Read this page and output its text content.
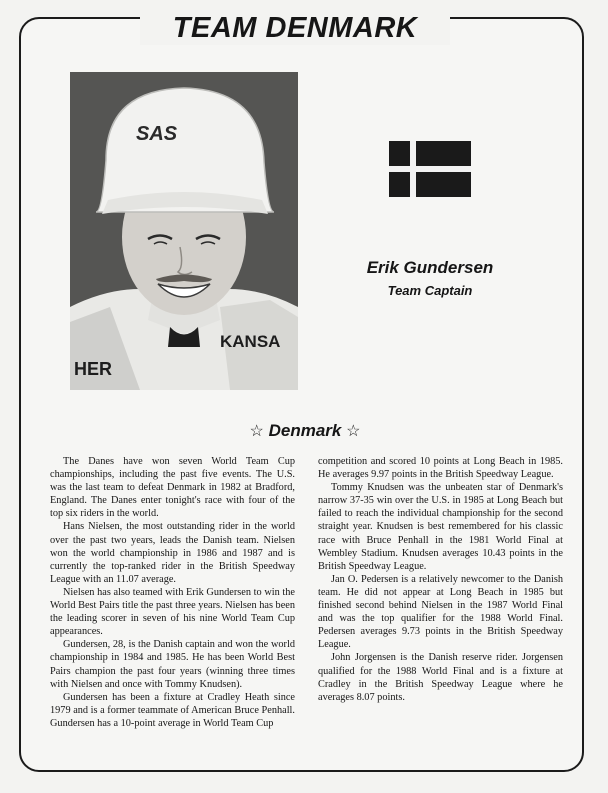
TEAM DENMARK
SAS
HER
KANSA
Erik Gundersen
Team Captain
☆ Denmark ☆

The Danes have won seven World Team Cup championships, including the past five events. The U.S. was the last team to defeat Denmark in 1982 at Bradford, England. The Danes enter tonight's race with four of the top six riders in the world.

Hans Nielsen, the most outstanding rider in the world over the past two years, leads the Danish team. Nielsen won the world championship in 1986 and 1987 and is currently the top-ranked rider in the British Speedway League with an 11.07 average.

Nielsen has also teamed with Erik Gundersen to win the World Best Pairs title the past three years. Nielsen has been the leading scorer in seven of his nine World Team Cup appearances.

Gundersen, 28, is the Danish captain and won the world championship in 1984 and 1985. He has been World Best Pairs champion the past four years (winning three times with Nielsen and once with Tommy Knudsen).

Gundersen has been a fixture at Cradley Heath since 1979 and is a former teammate of American Bruce Penhall. Gundersen has a 10-point average in World Team Cup

competition and scored 10 points at Long Beach in 1985. He averages 9.97 points in the British Speedway League.

Tommy Knudsen was the unbeaten star of Denmark's narrow 37-35 win over the U.S. in 1985 at Long Beach but failed to reach the individual championship for the second straight year. Knudsen is best remembered for his classic race with Bruce Penhall in the 1981 World Final at Wembley Stadium. Knudsen averages 10.43 points in the British Speedway League.

Jan O. Pedersen is a relatively newcomer to the Danish team. He did not appear at Long Beach in 1985 but finished second behind Nielsen in the 1987 World Final and was the top qualifier for the 1988 World Final. Pedersen averages 9.73 points in the British Speedway League.

John Jorgensen is the Danish reserve rider. Jorgensen qualified for the 1988 World Final and is a fixture at Cradley in the British Speedway League where he averages 8.07 points.
